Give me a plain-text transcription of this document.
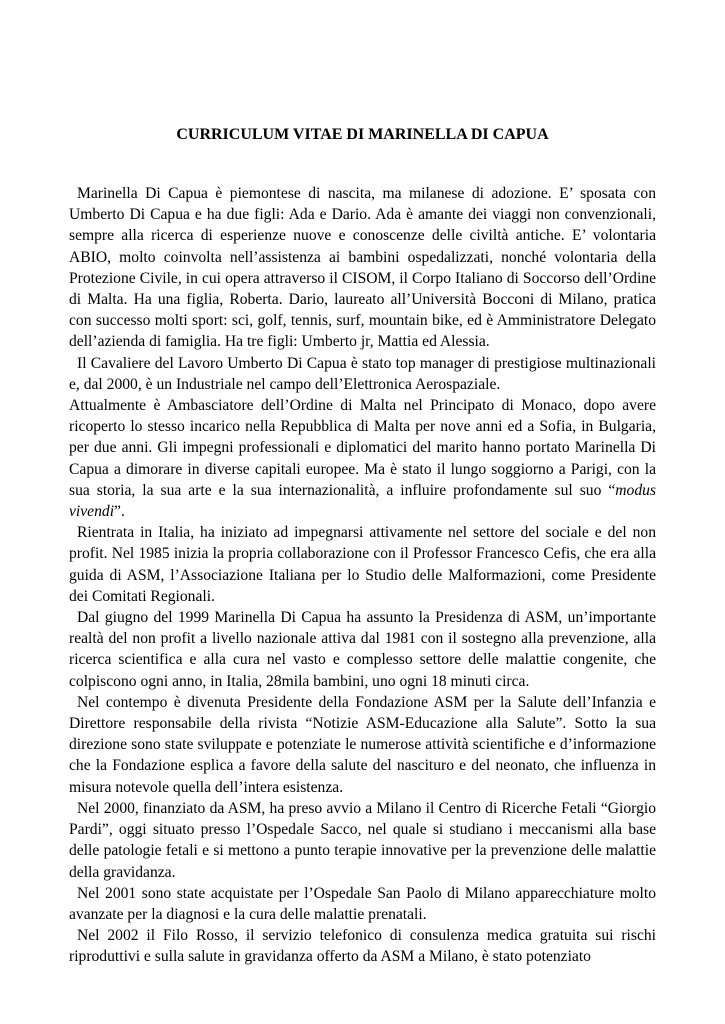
CURRICULUM VITAE DI MARINELLA DI CAPUA

Marinella Di Capua è piemontese di nascita, ma milanese di adozione. E’ sposata con Umberto Di Capua e ha due figli: Ada e Dario. Ada è amante dei viaggi non convenzionali, sempre alla ricerca di esperienze nuove e conoscenze delle civiltà antiche. E’ volontaria ABIO, molto coinvolta nell’assistenza ai bambini ospedalizzati, nonché volontaria della Protezione Civile, in cui opera attraverso il CISOM, il Corpo Italiano di Soccorso dell’Ordine di Malta. Ha una figlia, Roberta. Dario, laureato all’Università Bocconi di Milano, pratica con successo molti sport: sci, golf, tennis, surf, mountain bike, ed è Amministratore Delegato dell’azienda di famiglia. Ha tre figli: Umberto jr, Mattia ed Alessia.

Il Cavaliere del Lavoro Umberto Di Capua è stato top manager di prestigiose multinazionali e, dal 2000, è un Industriale nel campo dell’Elettronica Aerospaziale.

Attualmente è Ambasciatore dell’Ordine di Malta nel Principato di Monaco, dopo avere ricoperto lo stesso incarico nella Repubblica di Malta per nove anni ed a Sofia, in Bulgaria, per due anni. Gli impegni professionali e diplomatici del marito hanno portato Marinella Di Capua a dimorare in diverse capitali europee. Ma è stato il lungo soggiorno a Parigi, con la sua storia, la sua arte e la sua internazionalità, a influire profondamente sul suo “modus vivendi”.

Rientrata in Italia, ha iniziato ad impegnarsi attivamente nel settore del sociale e del non profit. Nel 1985 inizia la propria collaborazione con il Professor Francesco Cefis, che era alla guida di ASM, l’Associazione Italiana per lo Studio delle Malformazioni, come Presidente dei Comitati Regionali.

Dal giugno del 1999 Marinella Di Capua ha assunto la Presidenza di ASM, un’importante realtà del non profit a livello nazionale attiva dal 1981 con il sostegno alla prevenzione, alla ricerca scientifica e alla cura nel vasto e complesso settore delle malattie congenite, che colpiscono ogni anno, in Italia, 28mila bambini, uno ogni 18 minuti circa.

Nel contempo è divenuta Presidente della Fondazione ASM per la Salute dell’Infanzia e Direttore responsabile della rivista “Notizie ASM-Educazione alla Salute”. Sotto la sua direzione sono state sviluppate e potenziate le numerose attività scientifiche e d’informazione che la Fondazione esplica a favore della salute del nascituro e del neonato, che influenza in misura notevole quella dell’intera esistenza.

Nel 2000, finanziato da ASM, ha preso avvio a Milano il Centro di Ricerche Fetali “Giorgio Pardi”, oggi situato presso l’Ospedale Sacco, nel quale si studiano i meccanismi alla base delle patologie fetali e si mettono a punto terapie innovative per la prevenzione delle malattie della gravidanza.

Nel 2001 sono state acquistate per l’Ospedale San Paolo di Milano apparecchiature molto avanzate per la diagnosi e la cura delle malattie prenatali.

Nel 2002 il Filo Rosso, il servizio telefonico di consulenza medica gratuita sui rischi riproduttivi e sulla salute in gravidanza offerto da ASM a Milano, è stato potenziato
